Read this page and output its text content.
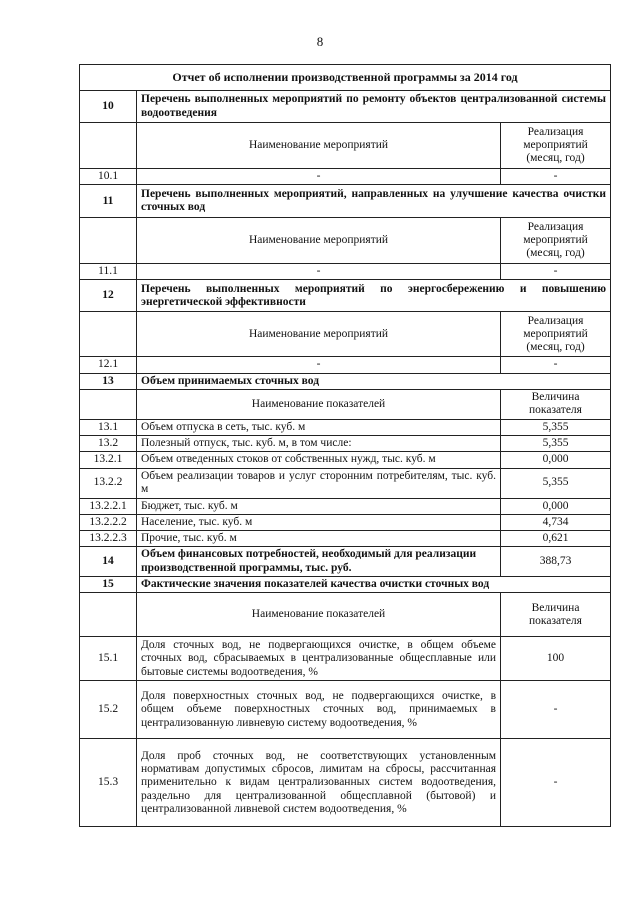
8
Отчет об исполнении производственной программы за 2014 год		
10	Перечень выполненных мероприятий по ремонту объектов централизованной системы водоотведения	
	Наименование мероприятий	Реализация мероприятий (месяц, год)
10.1	-	-
11	Перечень выполненных мероприятий, направленных на улучшение качества очистки сточных вод	
	Наименование мероприятий	Реализация мероприятий (месяц, год)
11.1	-	-
12	Перечень выполненных мероприятий по энергосбережению и повышению энергетической эффективности	
	Наименование мероприятий	Реализация мероприятий (месяц, год)
12.1	-	-
13	Объем принимаемых сточных вод	
	Наименование показателей	Величина показателя
13.1	Объем отпуска в сеть, тыс. куб. м	5,355
13.2	Полезный отпуск, тыс. куб. м, в том числе:	5,355
13.2.1	Объем отведенных стоков от собственных нужд, тыс. куб. м	0,000
13.2.2	Объем реализации товаров и услуг сторонним потребителям, тыс. куб. м	5,355
13.2.2.1	Бюджет, тыс. куб. м	0,000
13.2.2.2	Население, тыс. куб. м	4,734
13.2.2.3	Прочие, тыс. куб. м	0,621
14	Объем финансовых потребностей, необходимый для реализации производственной программы, тыс. руб.	388,73
15	Фактические значения показателей качества очистки сточных вод	
	Наименование показателей	Величина показателя
15.1	Доля сточных вод, не подвергающихся очистке, в общем объеме сточных вод, сбрасываемых в централизованные общесплавные или бытовые системы водоотведения, %	100
15.2	Доля поверхностных сточных вод, не подвергающихся очистке, в общем объеме поверхностных сточных вод, принимаемых в централизованную ливневую систему водоотведения, %	-
15.3	Доля проб сточных вод, не соответствующих установленным нормативам допустимых сбросов, лимитам на сбросы, рассчитанная применительно к видам централизованных систем водоотведения, раздельно для централизованной общесплавной (бытовой) и централизованной ливневой систем водоотведения, %	-
